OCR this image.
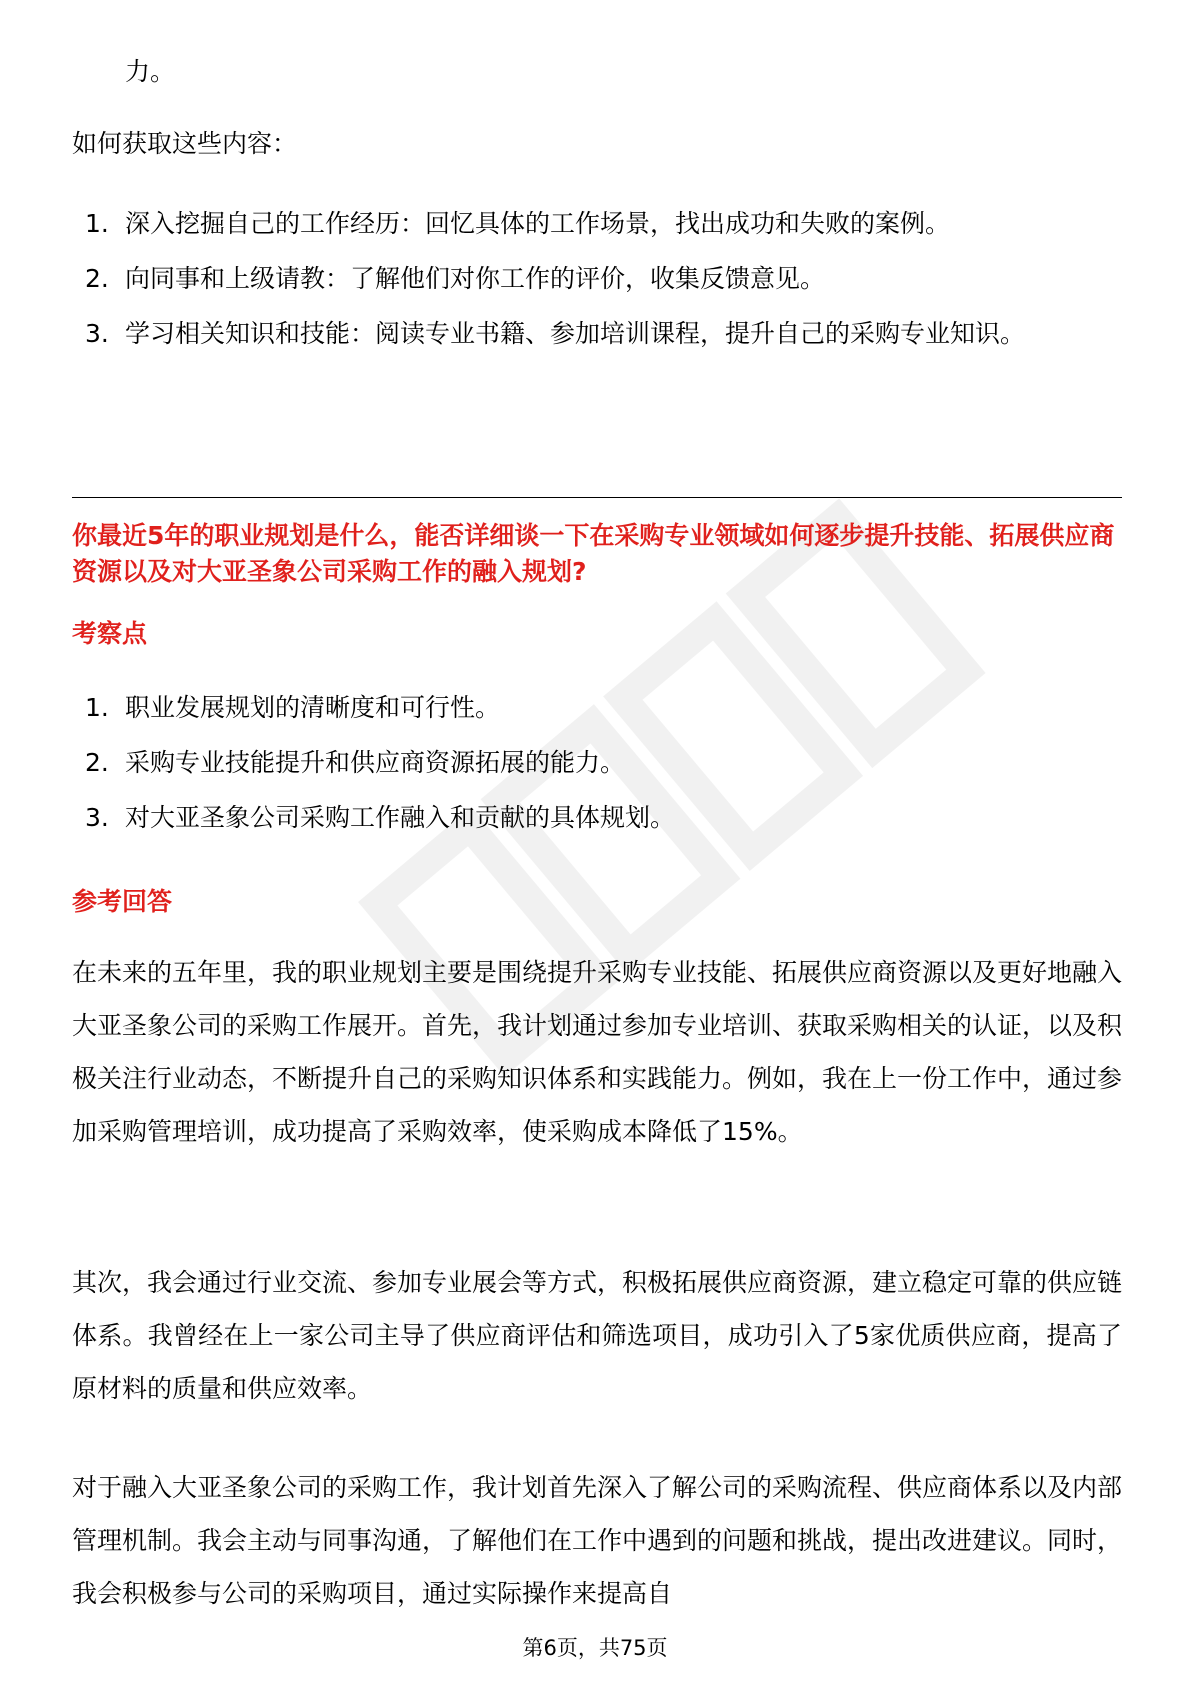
力。

如何获取这些内容：

1. 深入挖掘自己的工作经历：回忆具体的工作场景，找出成功和失败的案例。
2. 向同事和上级请教：了解他们对你工作的评价，收集反馈意见。
3. 学习相关知识和技能：阅读专业书籍、参加培训课程，提升自己的采购专业知识。

你最近5年的职业规划是什么，能否详细谈一下在采购专业领域如何逐步提升技能、拓展供应商资源以及对大亚圣象公司采购工作的融入规划?

考察点

1. 职业发展规划的清晰度和可行性。
2. 采购专业技能提升和供应商资源拓展的能力。
3. 对大亚圣象公司采购工作融入和贡献的具体规划。

参考回答

在未来的五年里，我的职业规划主要是围绕提升采购专业技能、拓展供应商资源以及更好地融入大亚圣象公司的采购工作展开。首先，我计划通过参加专业培训、获取采购相关的认证，以及积极关注行业动态，不断提升自己的采购知识体系和实践能力。例如，我在上一份工作中，通过参加采购管理培训，成功提高了采购效率，使采购成本降低了15%。

其次，我会通过行业交流、参加专业展会等方式，积极拓展供应商资源，建立稳定可靠的供应链体系。我曾经在上一家公司主导了供应商评估和筛选项目，成功引入了5家优质供应商，提高了原材料的质量和供应效率。

对于融入大亚圣象公司的采购工作，我计划首先深入了解公司的采购流程、供应商体系以及内部管理机制。我会主动与同事沟通，了解他们在工作中遇到的问题和挑战，提出改进建议。同时，我会积极参与公司的采购项目，通过实际操作来提高自

第6页，共75页
